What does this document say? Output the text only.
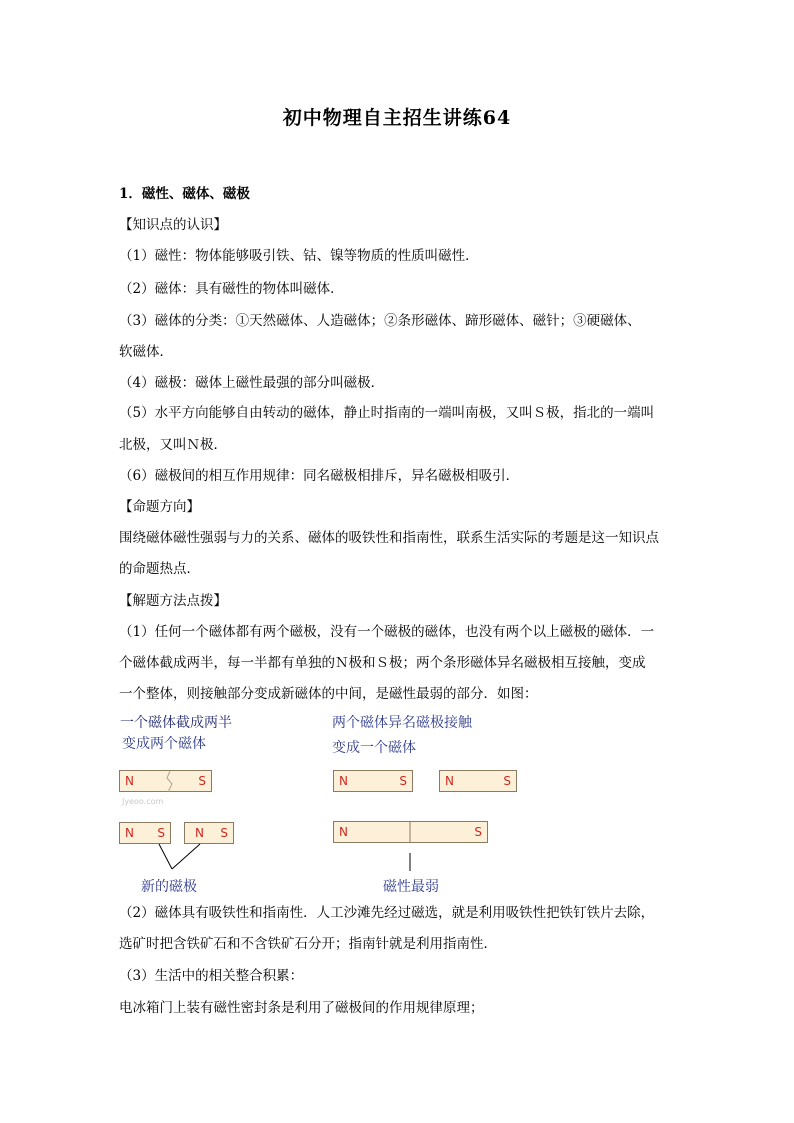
初中物理自主招生讲练64
1．磁性、磁体、磁极
【知识点的认识】
（1）磁性：物体能够吸引铁、钴、镍等物质的性质叫磁性．
（2）磁体：具有磁性的物体叫磁体．
（3）磁体的分类：①天然磁体、人造磁体；②条形磁体、蹄形磁体、磁针；③硬磁体、
软磁体．
（4）磁极：磁体上磁性最强的部分叫磁极．
（5）水平方向能够自由转动的磁体，静止时指南的一端叫南极，又叫Ｓ极，指北的一端叫
北极，又叫Ｎ极．
（6）磁极间的相互作用规律：同名磁极相排斥，异名磁极相吸引．
【命题方向】
围绕磁体磁性强弱与力的关系、磁体的吸铁性和指南性，联系生活实际的考题是这一知识点
的命题热点．
【解题方法点拨】
（1）任何一个磁体都有两个磁极，没有一个磁极的磁体，也没有两个以上磁极的磁体．一
个磁体截成两半，每一半都有单独的Ｎ极和Ｓ极；两个条形磁体异名磁极相互接触，变成
一个整体，则接触部分变成新磁体的中间，是磁性最弱的部分．如图：
一个磁体截成两半
变成两个磁体
两个磁体异名磁极接触
变成一个磁体
N	S
Jyeoo.com
N S	N S
N	S	N	S
N	S
新的磁极	磁性最弱
（2）磁体具有吸铁性和指南性．人工沙滩先经过磁选，就是利用吸铁性把铁钉铁片去除，
选矿时把含铁矿石和不含铁矿石分开；指南针就是利用指南性．
（3）生活中的相关整合积累：
电冰箱门上装有磁性密封条是利用了磁极间的作用规律原理；
